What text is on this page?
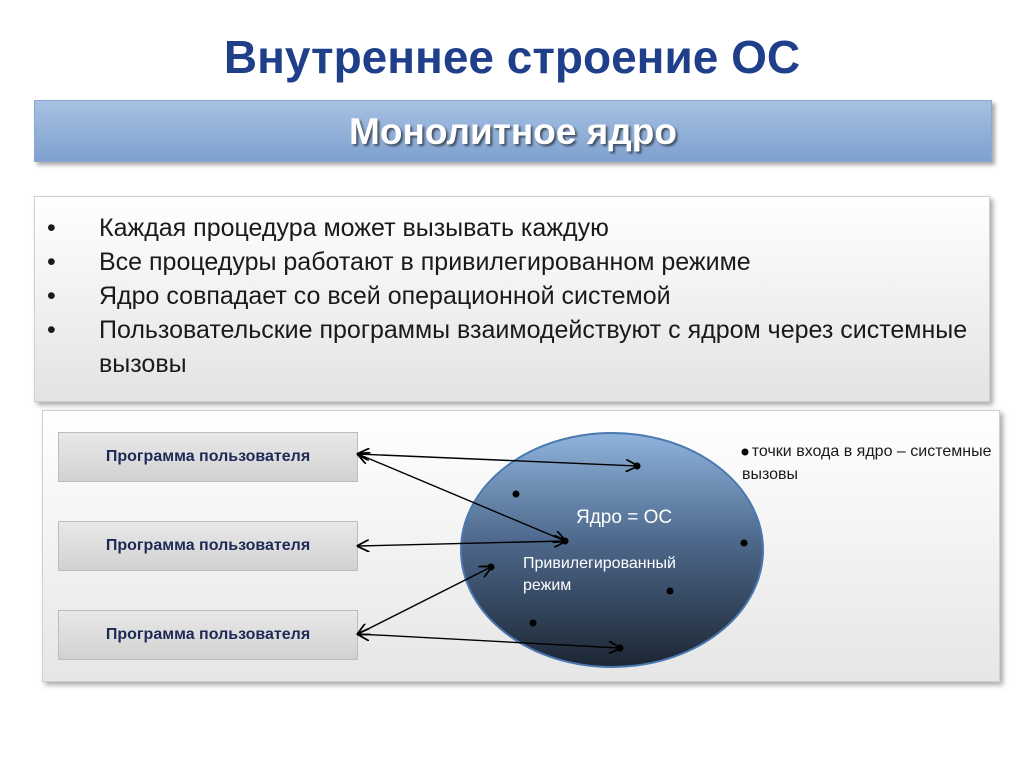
Внутреннее строение ОС
Монолитное ядро
• Каждая процедура может вызывать каждую
• Все процедуры работают в привилегированном режиме
• Ядро совпадает со всей операционной системой
• Пользовательские программы взаимодействуют с ядром через системные вызовы
Программа пользователя
Программа пользователя
Программа пользователя
Ядро = ОС
Привилегированный режим
- точки входа в ядро – системные вызовы
